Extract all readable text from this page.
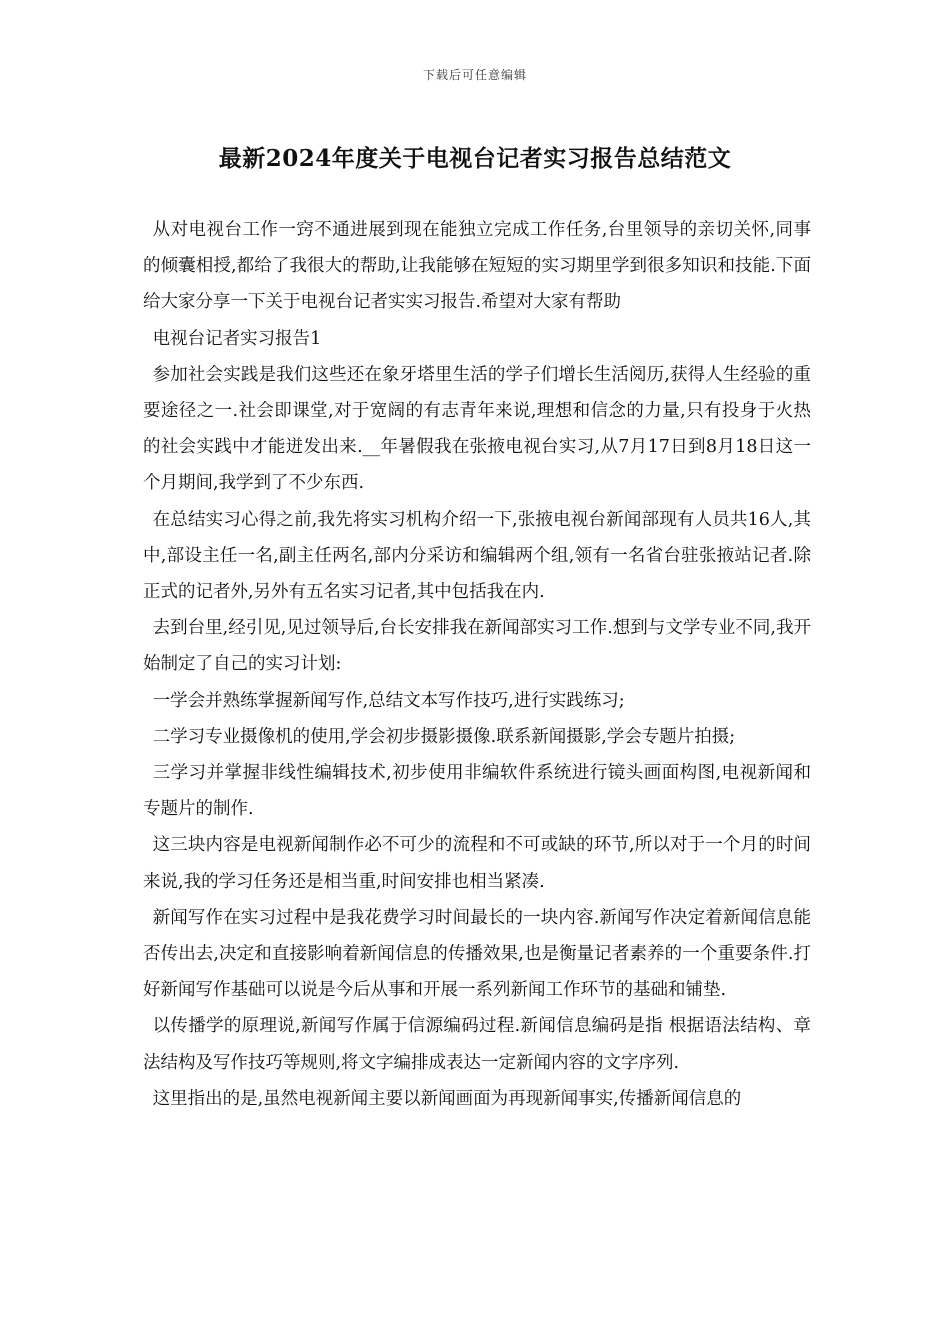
下载后可任意编辑
最新2024年度关于电视台记者实习报告总结范文

从对电视台工作一窍不通进展到现在能独立完成工作任务,台里领导的亲切关怀,同事的倾囊相授,都给了我很大的帮助,让我能够在短短的实习期里学到很多知识和技能.下面给大家分享一下关于电视台记者实实习报告.希望对大家有帮助

电视台记者实习报告1

参加社会实践是我们这些还在象牙塔里生活的学子们增长生活阅历,获得人生经验的重要途径之一.社会即课堂,对于宽阔的有志青年来说,理想和信念的力量,只有投身于火热的社会实践中才能迸发出来.__年暑假我在张掖电视台实习,从7月17日到8月18日这一个月期间,我学到了不少东西.

在总结实习心得之前,我先将实习机构介绍一下,张掖电视台新闻部现有人员共16人,其中,部设主任一名,副主任两名,部内分采访和编辑两个组,领有一名省台驻张掖站记者.除正式的记者外,另外有五名实习记者,其中包括我在内.

去到台里,经引见,见过领导后,台长安排我在新闻部实习工作.想到与文学专业不同,我开始制定了自己的实习计划:

一学会并熟练掌握新闻写作,总结文本写作技巧,进行实践练习;

二学习专业摄像机的使用,学会初步摄影摄像.联系新闻摄影,学会专题片拍摄;

三学习并掌握非线性编辑技术,初步使用非编软件系统进行镜头画面构图,电视新闻和专题片的制作.

这三块内容是电视新闻制作必不可少的流程和不可或缺的环节,所以对于一个月的时间来说,我的学习任务还是相当重,时间安排也相当紧凑.

新闻写作在实习过程中是我花费学习时间最长的一块内容.新闻写作决定着新闻信息能否传出去,决定和直接影响着新闻信息的传播效果,也是衡量记者素养的一个重要条件.打好新闻写作基础可以说是今后从事和开展一系列新闻工作环节的基础和铺垫.

以传播学的原理说,新闻写作属于信源编码过程.新闻信息编码是指 根据语法结构、章法结构及写作技巧等规则,将文字编排成表达一定新闻内容的文字序列.

这里指出的是,虽然电视新闻主要以新闻画面为再现新闻事实,传播新闻信息的
